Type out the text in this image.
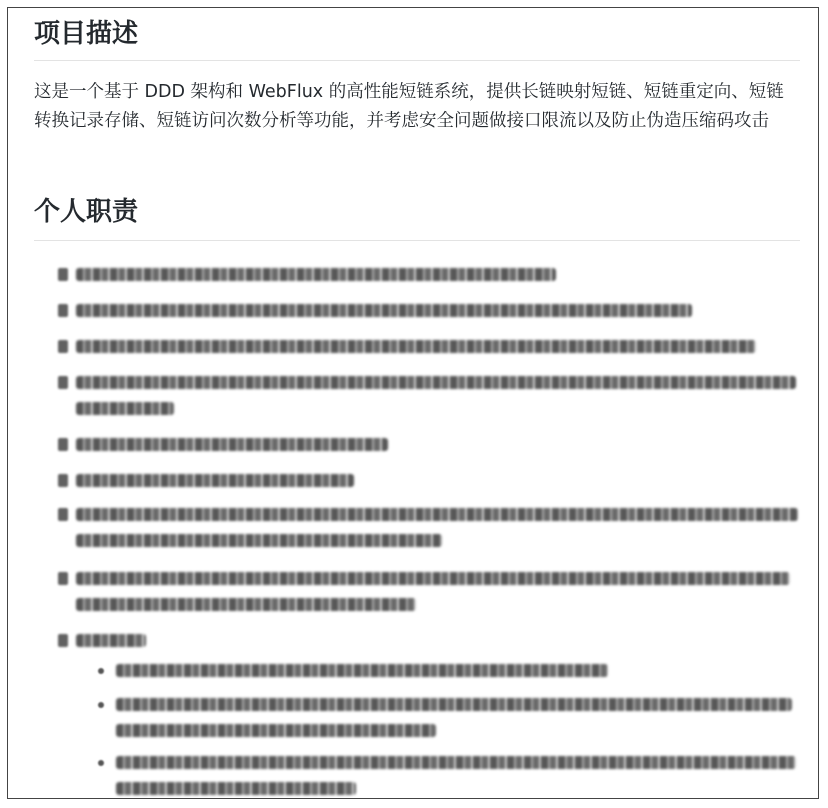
项目描述

这是一个基于 DDD 架构和 WebFlux 的高性能短链系统，提供长链映射短链、短链重定向、短链转换记录存储、短链访问次数分析等功能，并考虑安全问题做接口限流以及防止伪造压缩码攻击

个人职责
